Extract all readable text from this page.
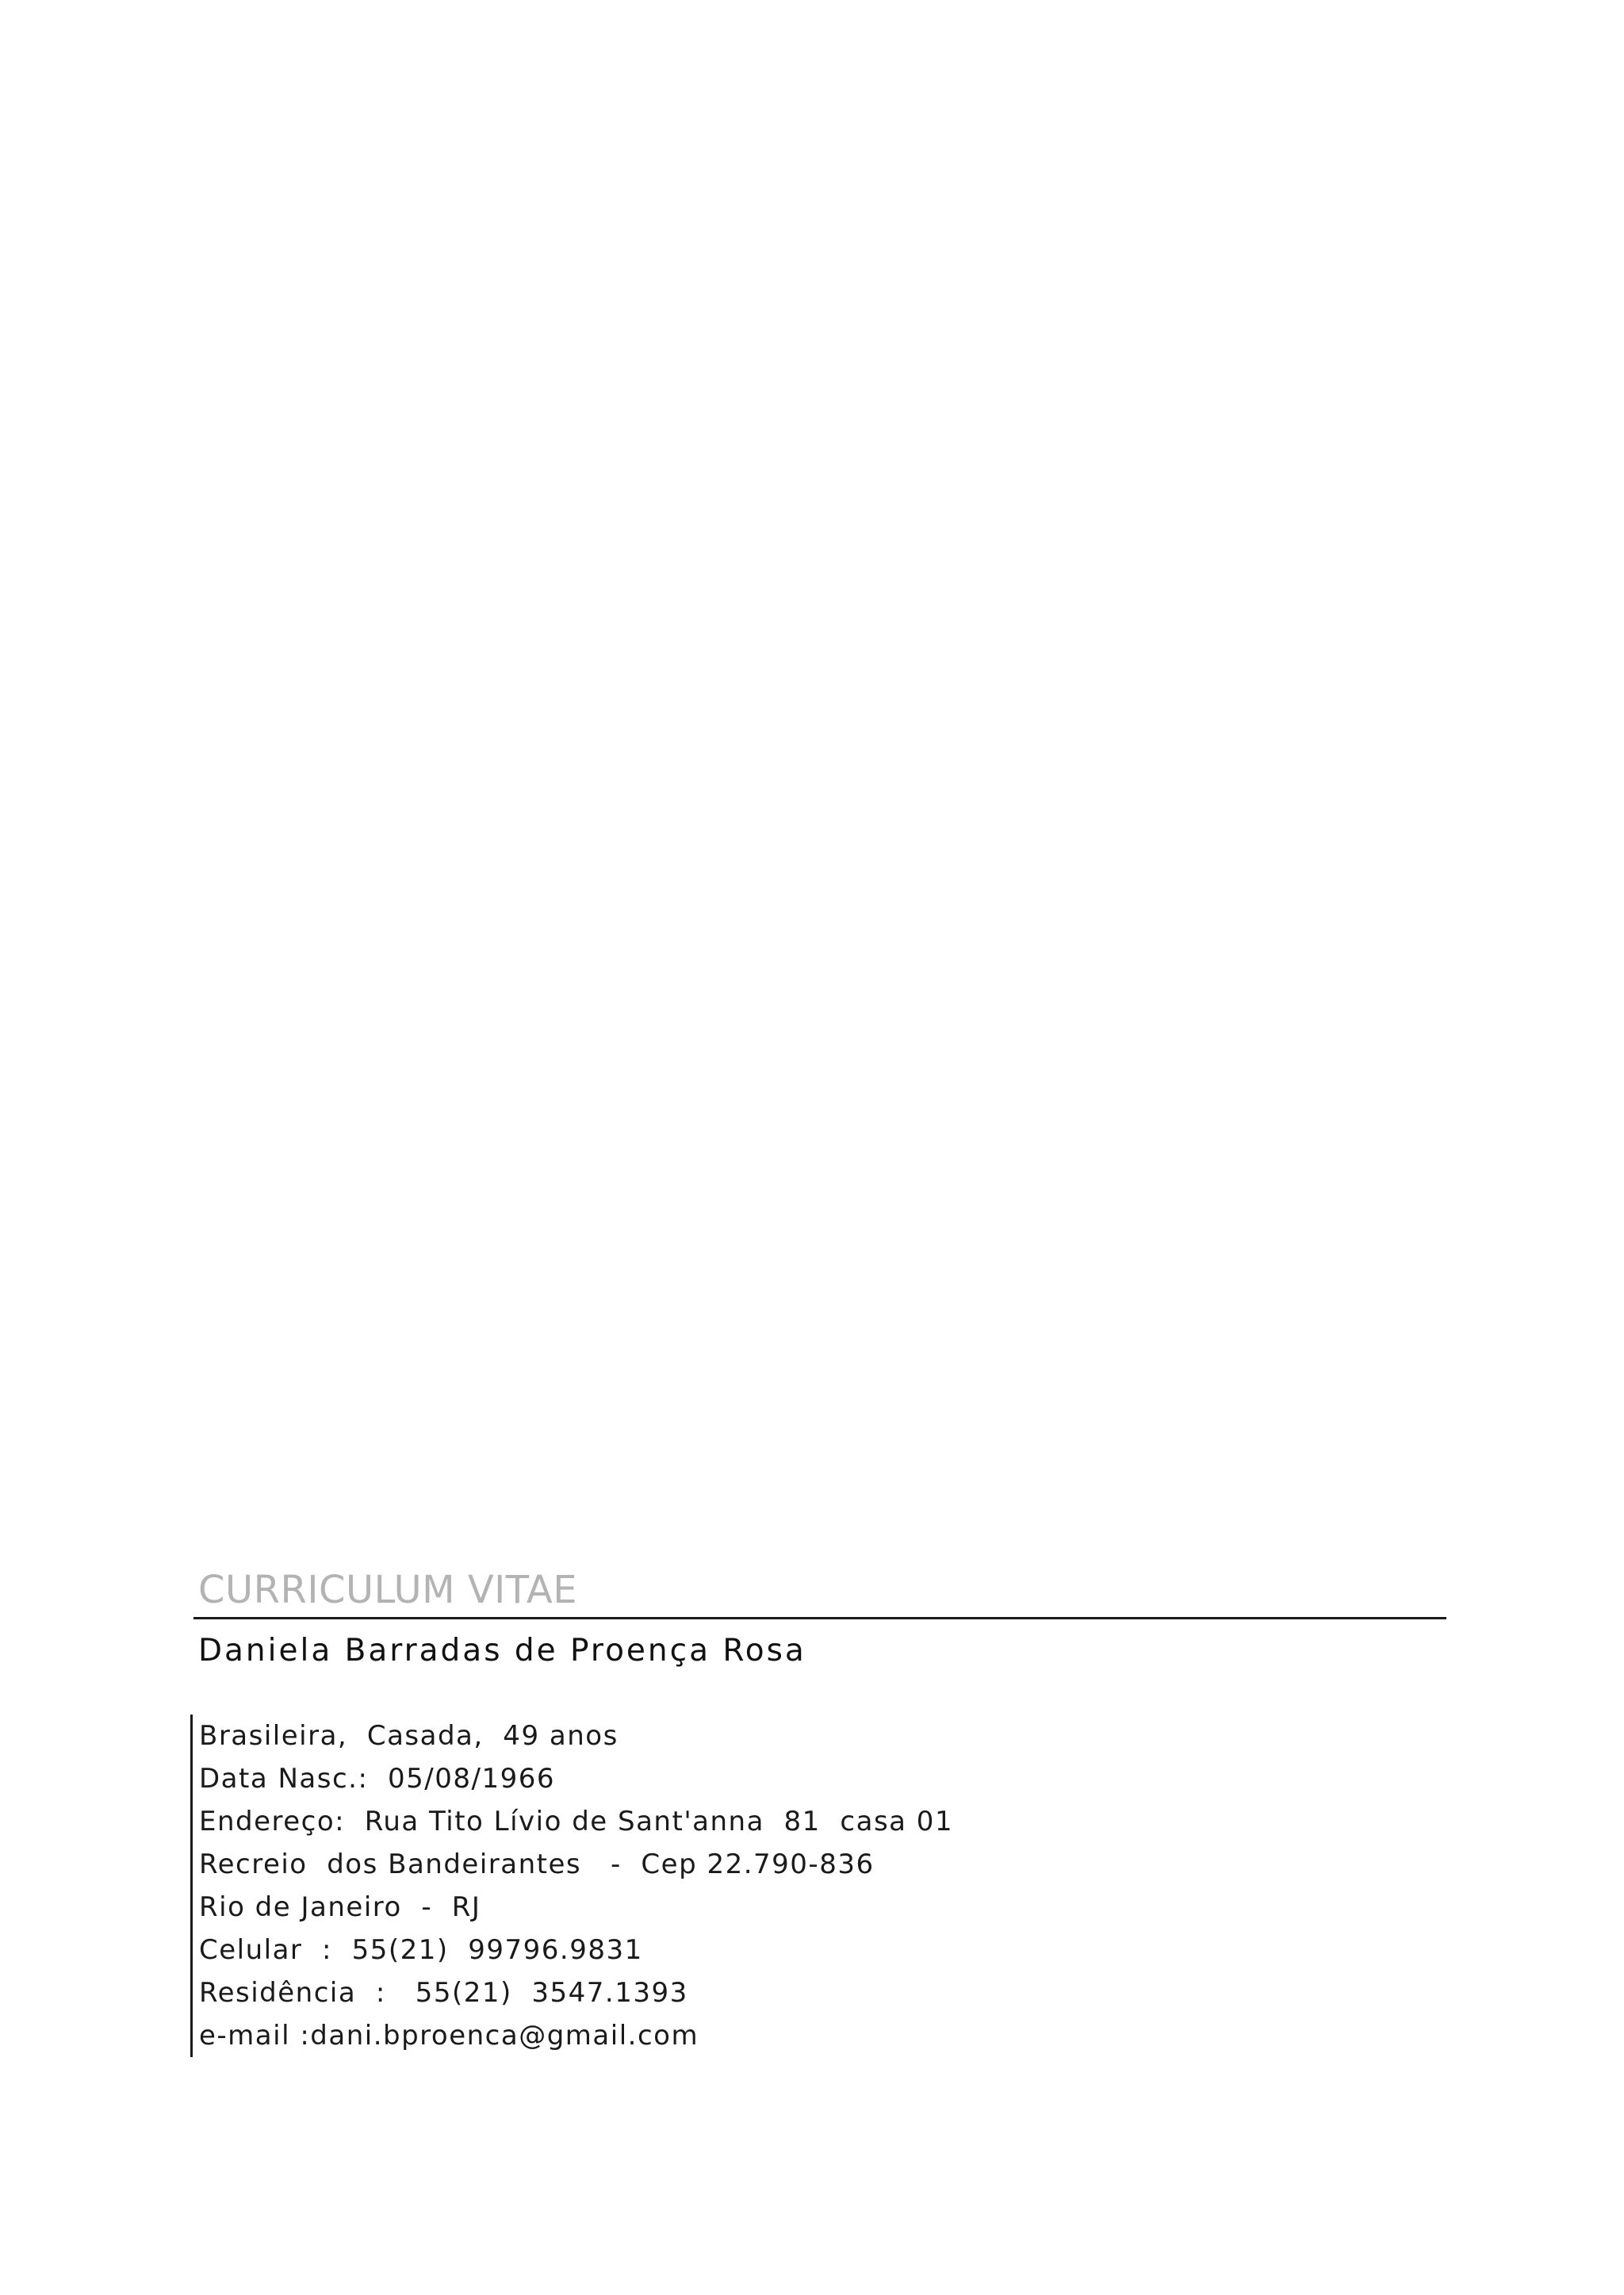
CURRICULUM VITAE
Daniela Barradas de Proença Rosa
Brasileira,  Casada,  49 anos
Data Nasc.:  05/08/1966
Endereço:  Rua Tito Lívio de Sant'anna  81  casa 01
Recreio  dos Bandeirantes   -  Cep 22.790-836
Rio de Janeiro  -  RJ
Celular  :  55(21)  99796.9831
Residência  :   55(21)  3547.1393
e-mail :dani.bproenca@gmail.com
